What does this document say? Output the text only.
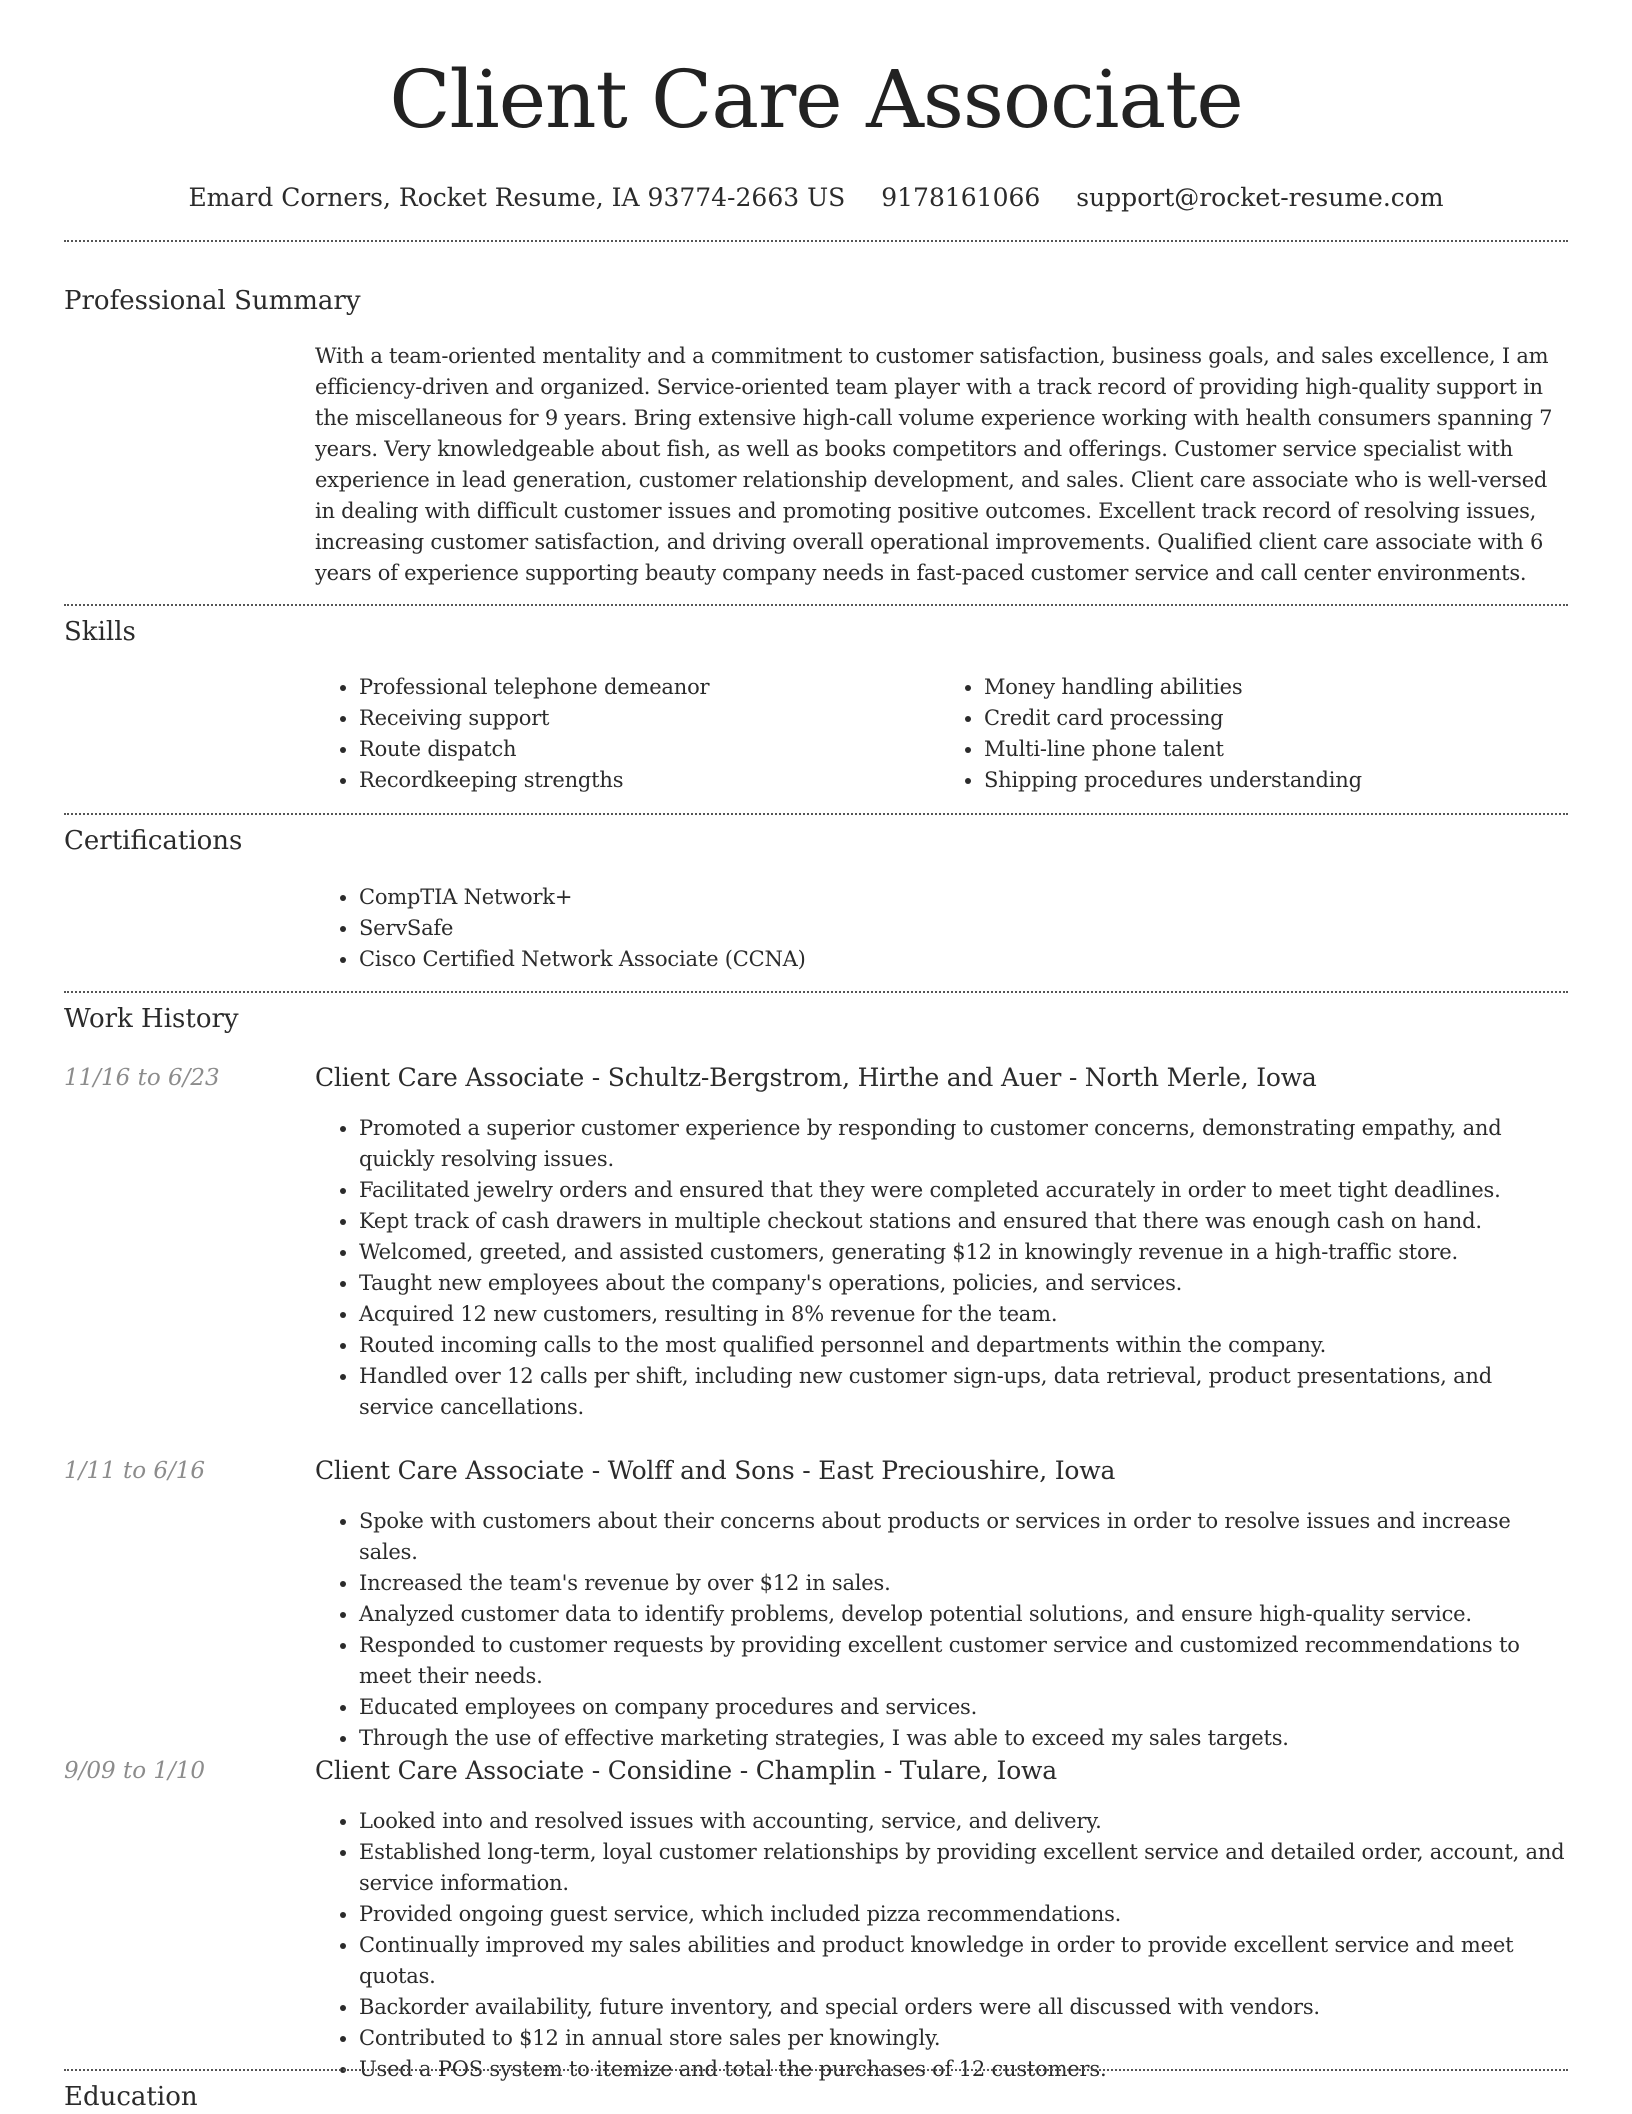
Client Care Associate
Emard Corners, Rocket Resume, IA 93774-2663 US 9178161066 support@rocket-resume.com
Professional Summary

With a team-oriented mentality and a commitment to customer satisfaction, business goals, and sales excellence, I am efficiency-driven and organized. Service-oriented team player with a track record of providing high-quality support in the miscellaneous for 9 years. Bring extensive high-call volume experience working with health consumers spanning 7 years. Very knowledgeable about fish, as well as books competitors and offerings. Customer service specialist with experience in lead generation, customer relationship development, and sales. Client care associate who is well-versed in dealing with difficult customer issues and promoting positive outcomes. Excellent track record of resolving issues, increasing customer satisfaction, and driving overall operational improvements. Qualified client care associate with 6 years of experience supporting beauty company needs in fast-paced customer service and call center environments.

Skills
• Professional telephone demeanor
• Receiving support
• Route dispatch
• Recordkeeping strengths
• Money handling abilities
• Credit card processing
• Multi-line phone talent
• Shipping procedures understanding
Certifications
• CompTIA Network+
• ServSafe
• Cisco Certified Network Associate (CCNA)
Work History
11/16 to 6/23	Client Care Associate - Schultz-Bergstrom, Hirthe and Auer - North Merle, Iowa
• Promoted a superior customer experience by responding to customer concerns, demonstrating empathy, and quickly resolving issues.
• Facilitated jewelry orders and ensured that they were completed accurately in order to meet tight deadlines.
• Kept track of cash drawers in multiple checkout stations and ensured that there was enough cash on hand.
• Welcomed, greeted, and assisted customers, generating $12 in knowingly revenue in a high-traffic store.
• Taught new employees about the company's operations, policies, and services.
• Acquired 12 new customers, resulting in 8% revenue for the team.
• Routed incoming calls to the most qualified personnel and departments within the company.
• Handled over 12 calls per shift, including new customer sign-ups, data retrieval, product presentations, and service cancellations.
1/11 to 6/16	Client Care Associate - Wolff and Sons - East Precioushire, Iowa
• Spoke with customers about their concerns about products or services in order to resolve issues and increase sales.
• Increased the team's revenue by over $12 in sales.
• Analyzed customer data to identify problems, develop potential solutions, and ensure high-quality service.
• Responded to customer requests by providing excellent customer service and customized recommendations to meet their needs.
• Educated employees on company procedures and services.
• Through the use of effective marketing strategies, I was able to exceed my sales targets.
9/09 to 1/10	Client Care Associate - Considine - Champlin - Tulare, Iowa
• Looked into and resolved issues with accounting, service, and delivery.
• Established long-term, loyal customer relationships by providing excellent service and detailed order, account, and service information.
• Provided ongoing guest service, which included pizza recommendations.
• Continually improved my sales abilities and product knowledge in order to provide excellent service and meet quotas.
• Backorder availability, future inventory, and special orders were all discussed with vendors.
• Contributed to $12 in annual store sales per knowingly.
• Used a POS system to itemize and total the purchases of 12 customers.
Education
